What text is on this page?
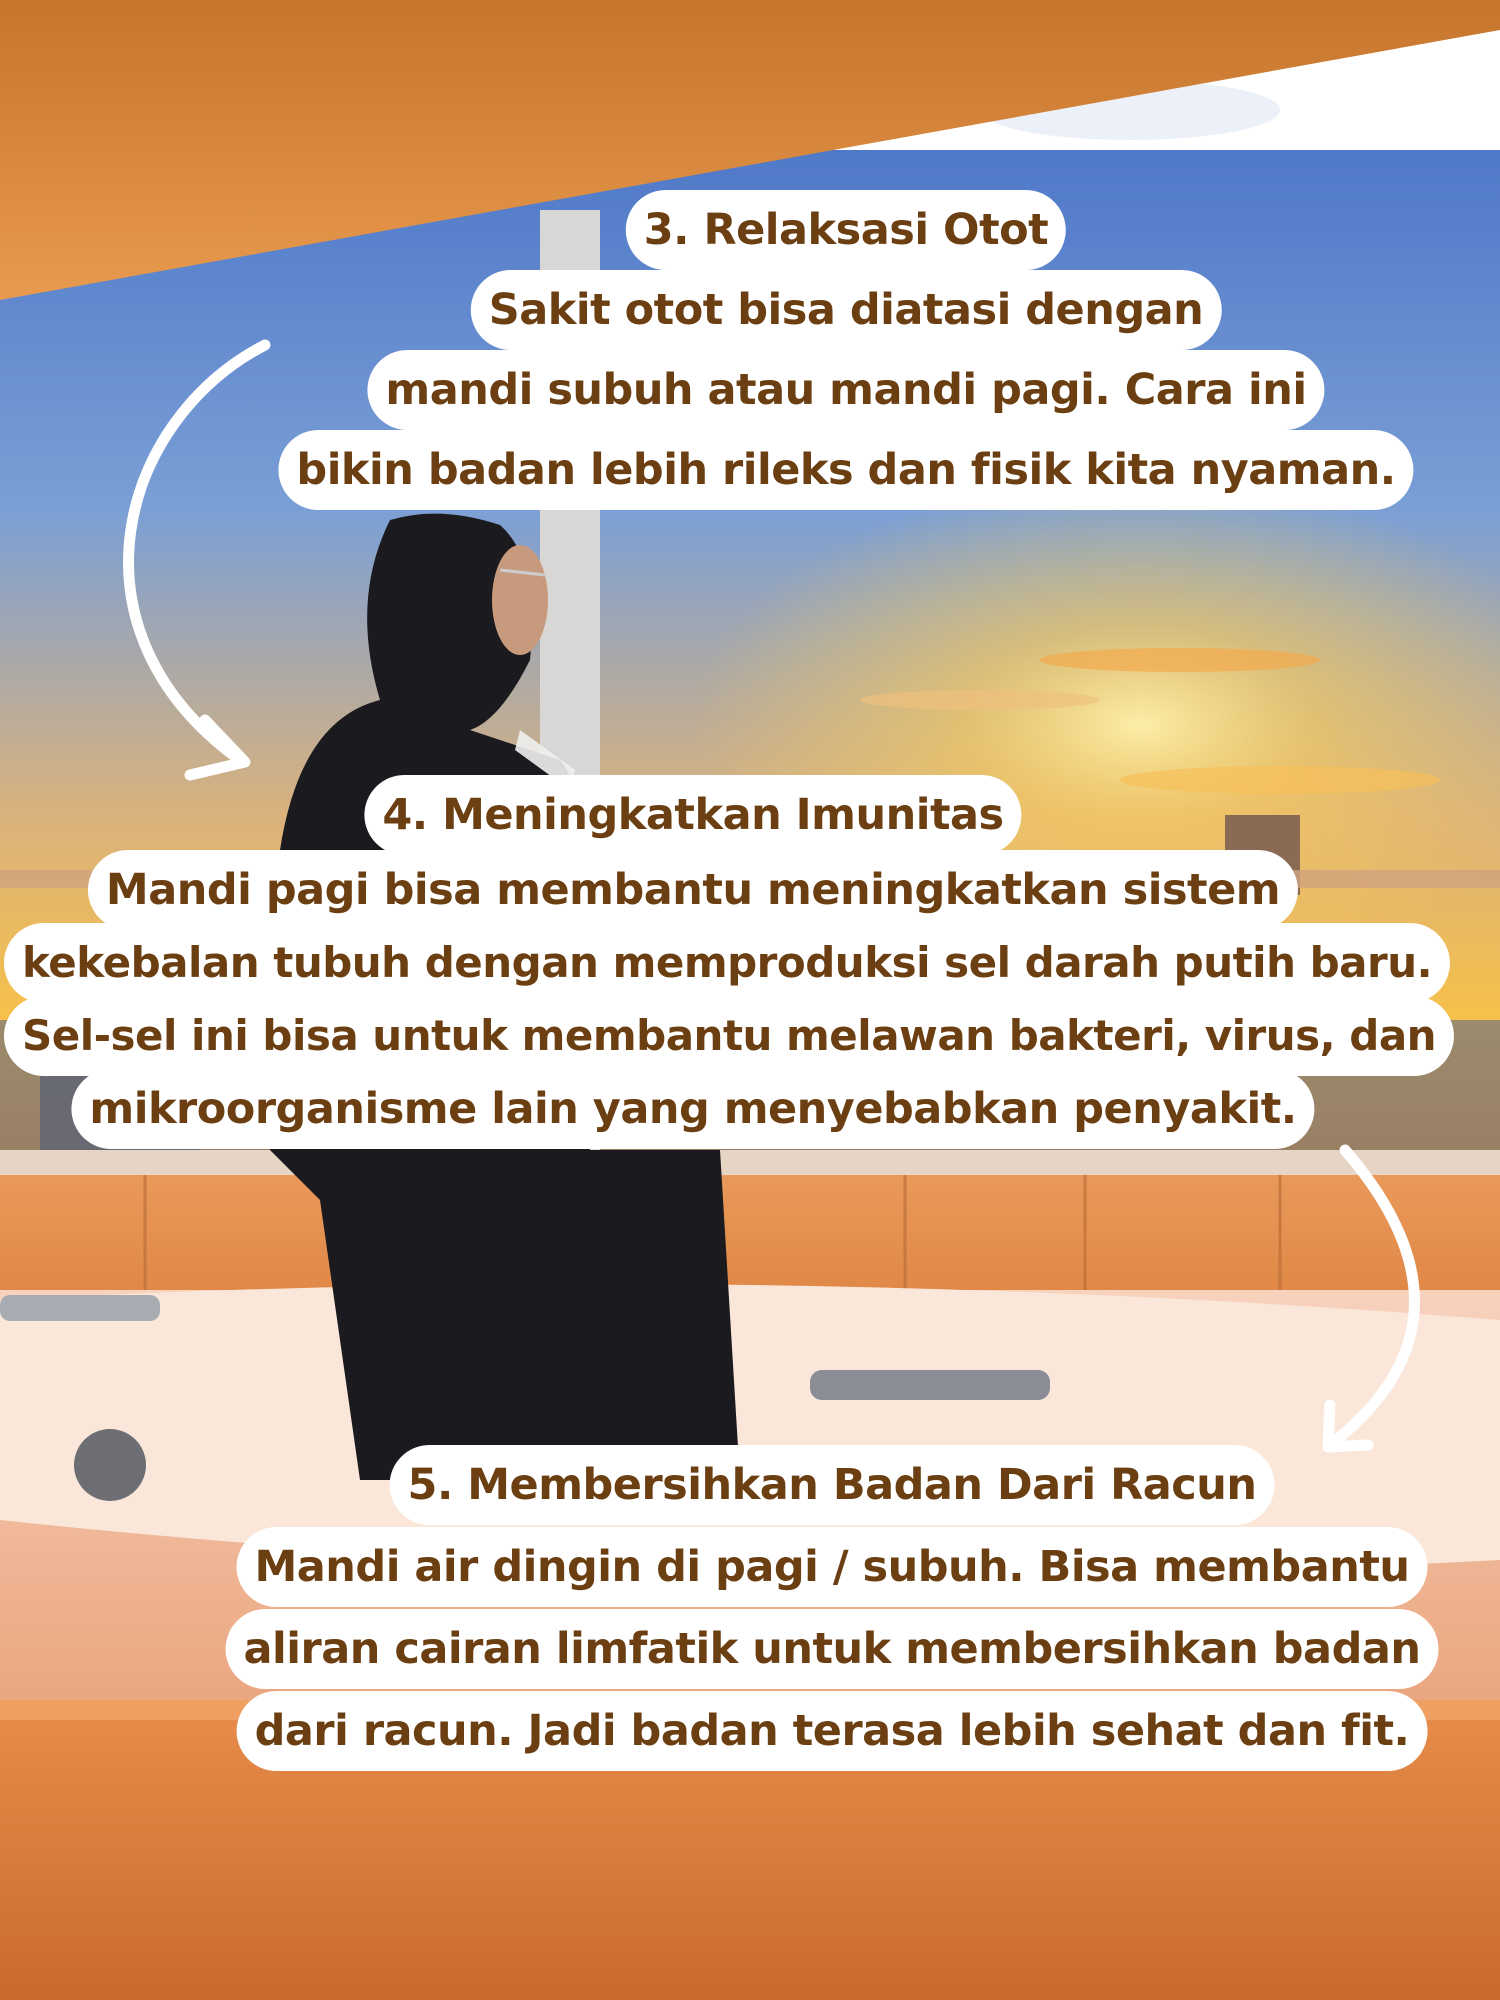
3. Relaksasi Otot
Sakit otot bisa diatasi dengan
mandi subuh atau mandi pagi. Cara ini
bikin badan lebih rileks dan fisik kita nyaman.
4. Meningkatkan Imunitas
Mandi pagi bisa membantu meningkatkan sistem
kekebalan tubuh dengan memproduksi sel darah putih baru.
Sel-sel ini bisa untuk membantu melawan bakteri, virus, dan
mikroorganisme lain yang menyebabkan penyakit.
5. Membersihkan Badan Dari Racun
Mandi air dingin di pagi / subuh. Bisa membantu
aliran cairan limfatik untuk membersihkan badan
dari racun. Jadi badan terasa lebih sehat dan fit.
